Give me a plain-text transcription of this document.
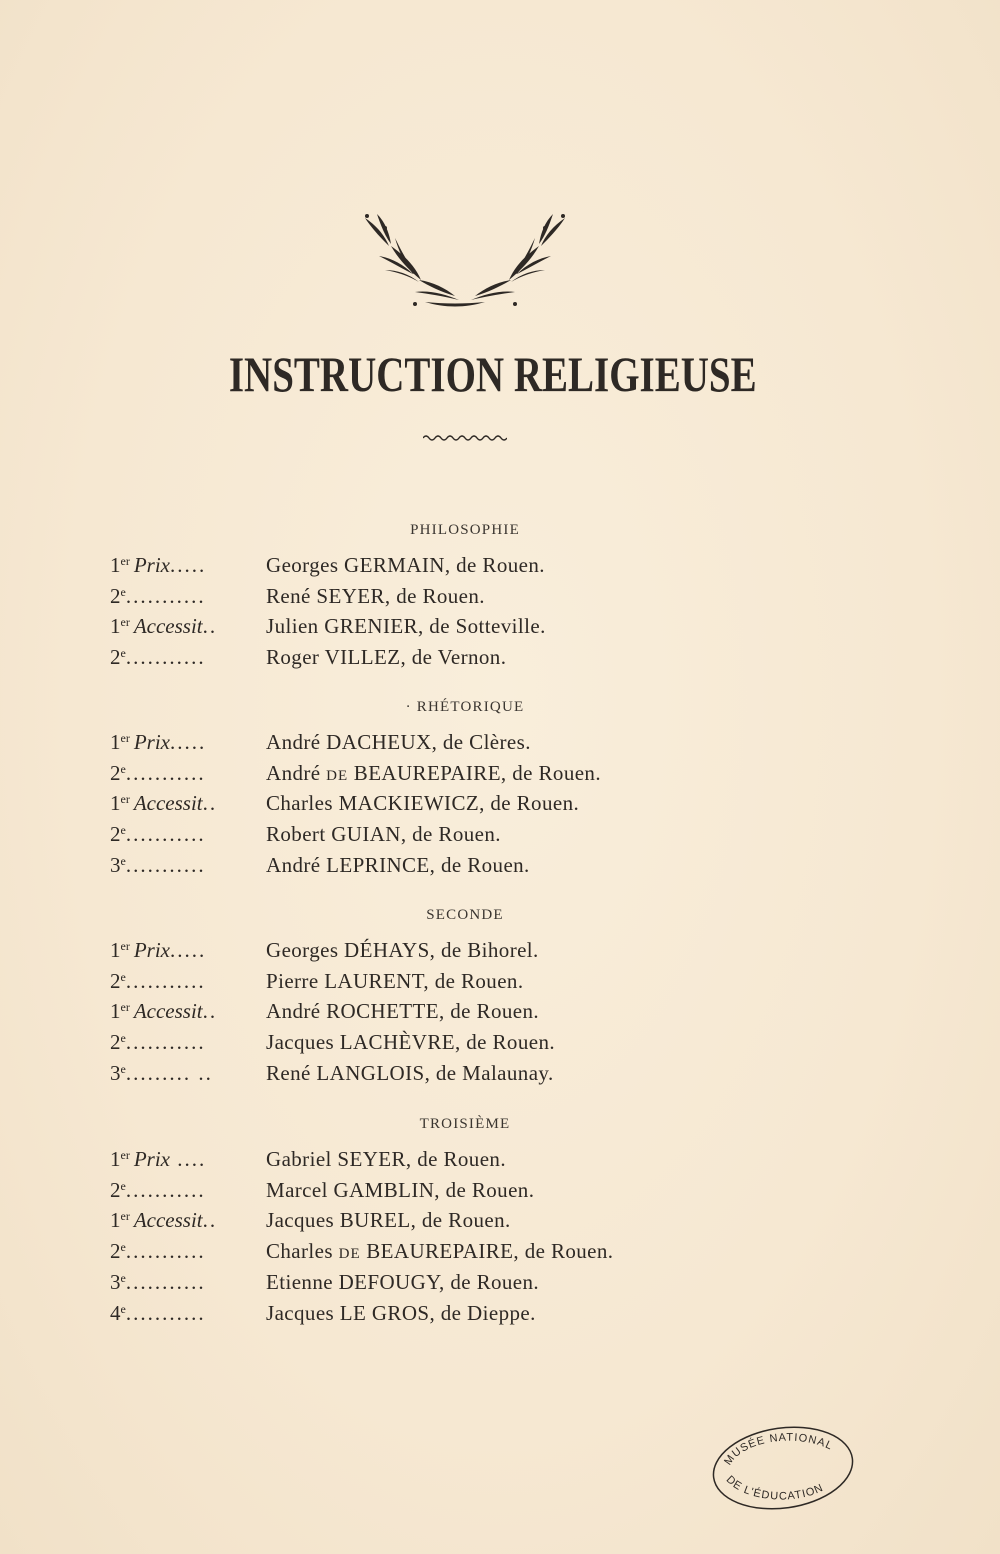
INSTRUCTION RELIGIEUSE
PHILOSOPHIE
1er Prix.....	Georges GERMAIN, de Rouen.
2e...........	René SEYER, de Rouen.
1er Accessit..	Julien GRENIER, de Sotteville.
2e...........	Roger VILLEZ, de Vernon.
· RHÉTORIQUE
1er Prix.....	André DACHEUX, de Clères.
2e...........	André DE BEAUREPAIRE, de Rouen.
1er Accessit..	Charles MACKIEWICZ, de Rouen.
2e...........	Robert GUIAN, de Rouen.
3e...........	André LEPRINCE, de Rouen.
SECONDE
1er Prix.....	Georges DÉHAYS, de Bihorel.
2e...........	Pierre LAURENT, de Rouen.
1er Accessit..	André ROCHETTE, de Rouen.
2e...........	Jacques LACHÈVRE, de Rouen.
3e......... ..	René LANGLOIS, de Malaunay.
TROISIÈME
1er Prix ....	Gabriel SEYER, de Rouen.
2e...........	Marcel GAMBLIN, de Rouen.
1er Accessit..	Jacques BUREL, de Rouen.
2e...........	Charles DE BEAUREPAIRE, de Rouen.
3e...........	Etienne DEFOUGY, de Rouen.
4e...........	Jacques LE GROS, de Dieppe.
MUSÉE NATIONAL
DE L'ÉDUCATION
